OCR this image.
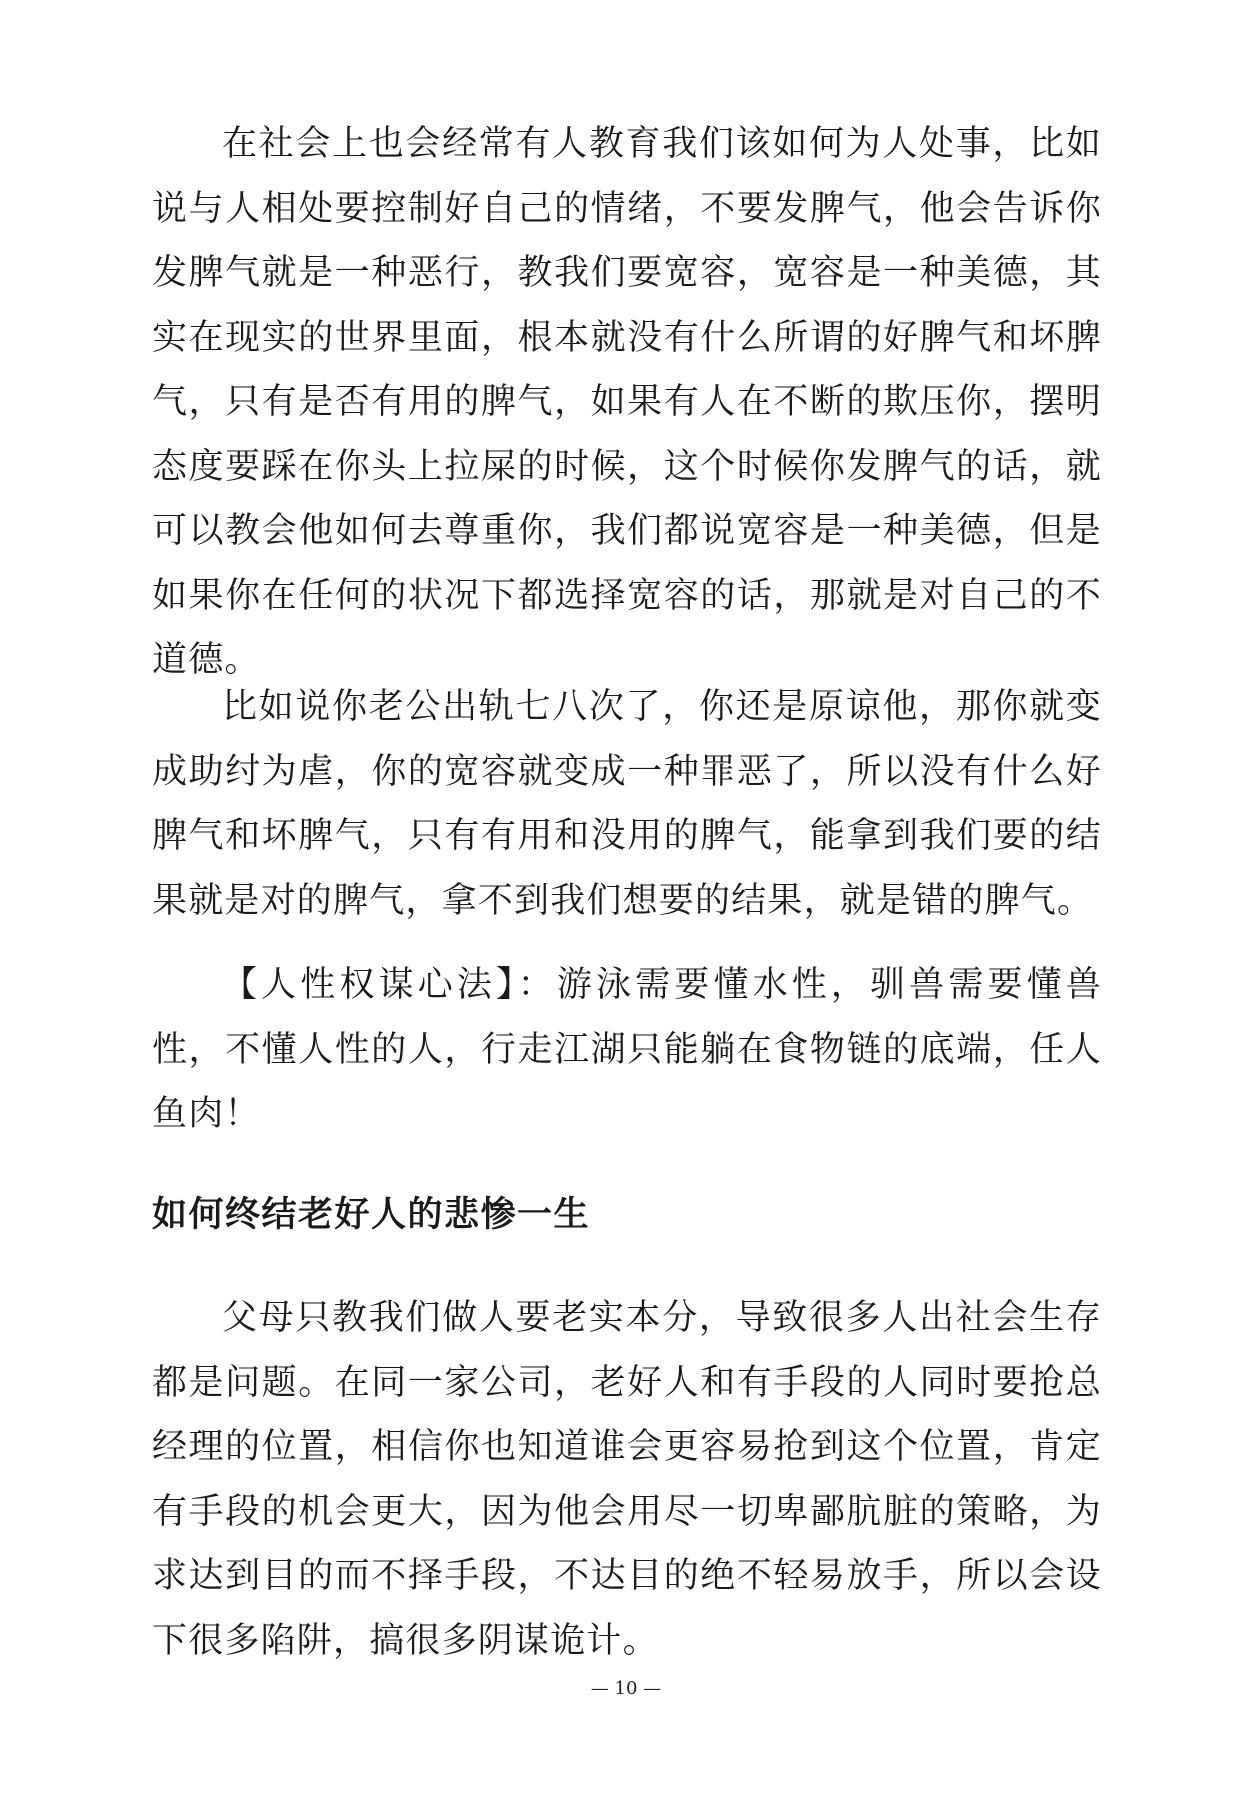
在社会上也会经常有人教育我们该如何为人处事，比如说与人相处要控制好自己的情绪，不要发脾气，他会告诉你发脾气就是一种恶行，教我们要宽容，宽容是一种美德，其实在现实的世界里面，根本就没有什么所谓的好脾气和坏脾气，只有是否有用的脾气，如果有人在不断的欺压你，摆明态度要踩在你头上拉屎的时候，这个时候你发脾气的话，就可以教会他如何去尊重你，我们都说宽容是一种美德，但是如果你在任何的状况下都选择宽容的话，那就是对自己的不道德。

比如说你老公出轨七八次了，你还是原谅他，那你就变成助纣为虐，你的宽容就变成一种罪恶了，所以没有什么好脾气和坏脾气，只有有用和没用的脾气，能拿到我们要的结果就是对的脾气，拿不到我们想要的结果，就是错的脾气。

【人性权谋心法】：游泳需要懂水性，驯兽需要懂兽性，不懂人性的人，行走江湖只能躺在食物链的底端，任人鱼肉！

如何终结老好人的悲惨一生

父母只教我们做人要老实本分，导致很多人出社会生存都是问题。在同一家公司，老好人和有手段的人同时要抢总经理的位置，相信你也知道谁会更容易抢到这个位置，肯定有手段的机会更大，因为他会用尽一切卑鄙肮脏的策略，为求达到目的而不择手段，不达目的绝不轻易放手，所以会设下很多陷阱，搞很多阴谋诡计。

— 10 —
